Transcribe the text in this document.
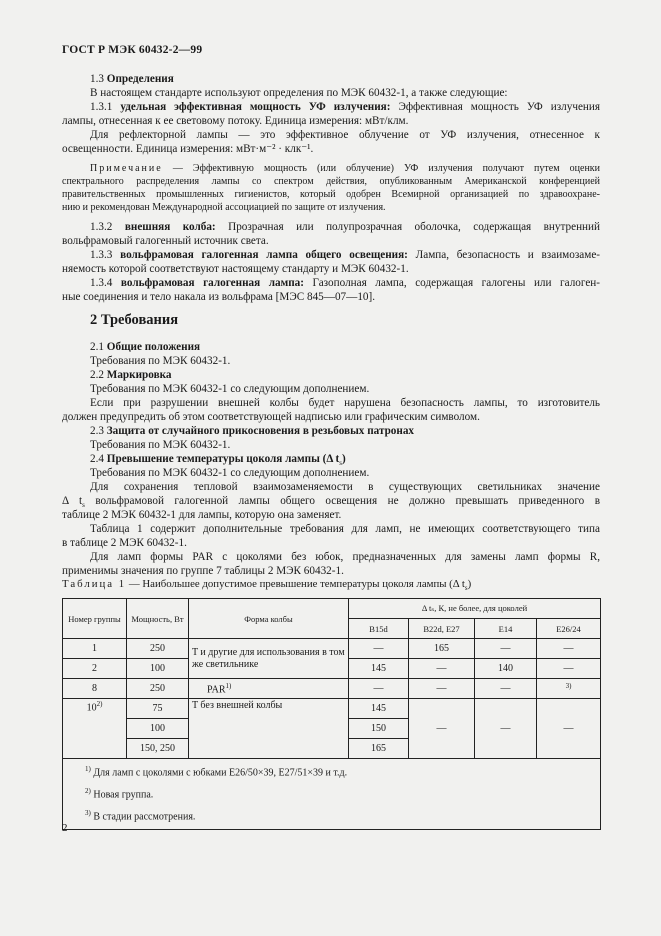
ГОСТ Р МЭК 60432-2—99
1.3 Определения
В настоящем стандарте используют определения по МЭК 60432-1, а также следующие:
1.3.1 удельная эффективная мощность УФ излучения: Эффективная мощность УФ излучения
лампы, отнесенная к ее световому потоку. Единица измерения: мВт/клм.
Для рефлекторной лампы — это эффективное облучение от УФ излучения, отнесенное к
освещенности. Единица измерения: мВт·м⁻² · клк⁻¹.
Примечание — Эффективную мощность (или облучение) УФ излучения получают путем оценки
спектрального распределения лампы со спектром действия, опубликованным Американской конференцией
правительственных промышленных гигиенистов, который одобрен Всемирной организацией по здравоохране-
нию и рекомендован Международной ассоциацией по защите от излучения.
1.3.2 внешняя колба: Прозрачная или полупрозрачная оболочка, содержащая внутренний
вольфрамовый галогенный источник света.
1.3.3 вольфрамовая галогенная лампа общего освещения: Лампа, безопасность и взаимозаме-
няемость которой соответствуют настоящему стандарту и МЭК 60432-1.
1.3.4 вольфрамовая галогенная лампа: Газополная лампа, содержащая галогены или галоген-
ные соединения и тело накала из вольфрама [МЭС 845—07—10].
2 Требования
2.1 Общие положения
Требования по МЭК 60432-1.
2.2 Маркировка
Требования по МЭК 60432-1 со следующим дополнением.
Если при разрушении внешней колбы будет нарушена безопасность лампы, то изготовитель
должен предупредить об этом соответствующей надписью или графическим символом.
2.3 Защита от случайного прикосновения в резьбовых патронах
Требования по МЭК 60432-1.
2.4 Превышение температуры цоколя лампы (Δ $t_s$)
Требования по МЭК 60432-1 со следующим дополнением.
Для сохранения тепловой взаимозаменяемости в существующих светильниках значение
Δ $t_s$ вольфрамовой галогенной лампы общего освещения не должно превышать приведенного в
таблице 2 МЭК 60432-1 для лампы, которую она заменяет.
Таблица 1 содержит дополнительные требования для ламп, не имеющих соответствующего типа
в таблице 2 МЭК 60432-1.
Для ламп формы PAR с цоколями без юбок, предназначенных для замены ламп формы R,
применимы значения по группе 7 таблицы 2 МЭК 60432-1.
Таблица 1 — Наибольшее допустимое превышение температуры цоколя лампы (Δ $t_s$)
Номер группы	Мощность, Вт	Форма колбы	Δ tₛ, К, не более, для цоколей			
			B15d	B22d, E27	E14	E26/24
1	250	T и другие для использования в том же светильнике	—	165	—	—
2	100		145	—	140	—
8	250	PAR$^{1)}$	—	—	—	$^{3)}$
10$^{2)}$	75	T без внешней колбы	145	—	—	—
	100		150			
	150, 250		165			
$^{1)}$ Для ламп с цоколями с юбками E26/50×39, E27/51×39 и т.д.						
$^{2)}$ Новая группа.						
$^{3)}$ В стадии рассмотрения.						
2
